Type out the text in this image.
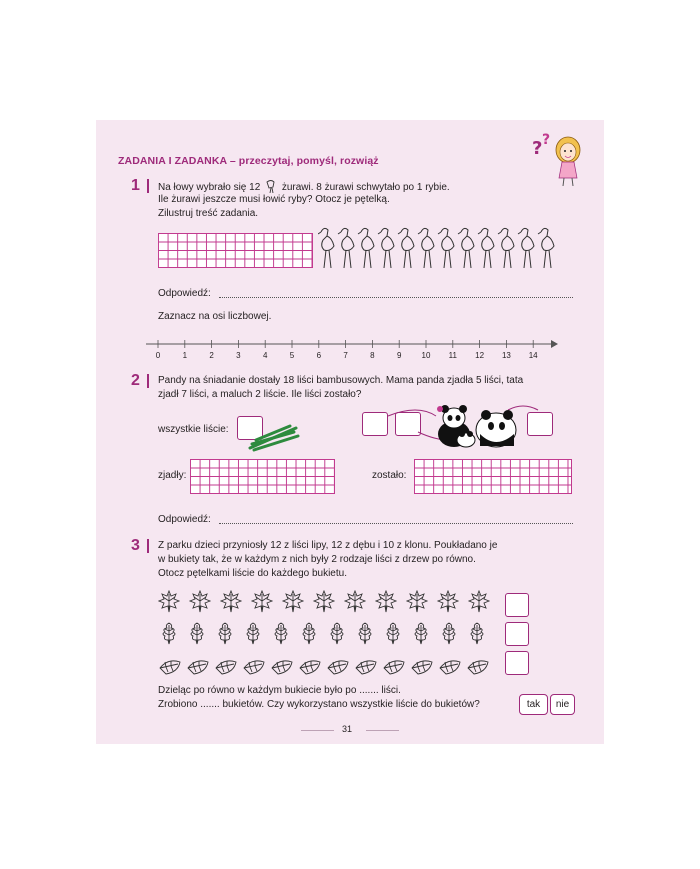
ZADANIA I ZADANKA – przeczytaj, pomyśl, rozwiąż
? ?
1 Na łowy wybrało się 12 żurawi. 8 żurawi schwytało po 1 rybie.
Ile żurawi jeszcze musi łowić ryby? Otocz je pętelką.
Zilustruj treść zadania.
Odpowiedź:
Zaznacz na osi liczbowej.
0	1	2	3	4	5	6	7	8	9	10	11	12	13	14
2 Pandy na śniadanie dostały 18 liści bambusowych. Mama panda zjadła 5 liści, tata
zjadł 7 liści, a maluch 2 liście. Ile liści zostało?
wszystkie liście:
zjadły:	zostało:
Odpowiedź:
3 Z parku dzieci przyniosły 12 z liści lipy, 12 z dębu i 10 z klonu. Poukładano je
w bukiety tak, że w każdym z nich były 2 rodzaje liści z drzew po równo.
Otocz pętelkami liście do każdego bukietu.
Dzieląc po równo w każdym bukiecie było po ....... liści.
Zrobiono ....... bukietów. Czy wykorzystano wszystkie liście do bukietów?	tak	nie
31
